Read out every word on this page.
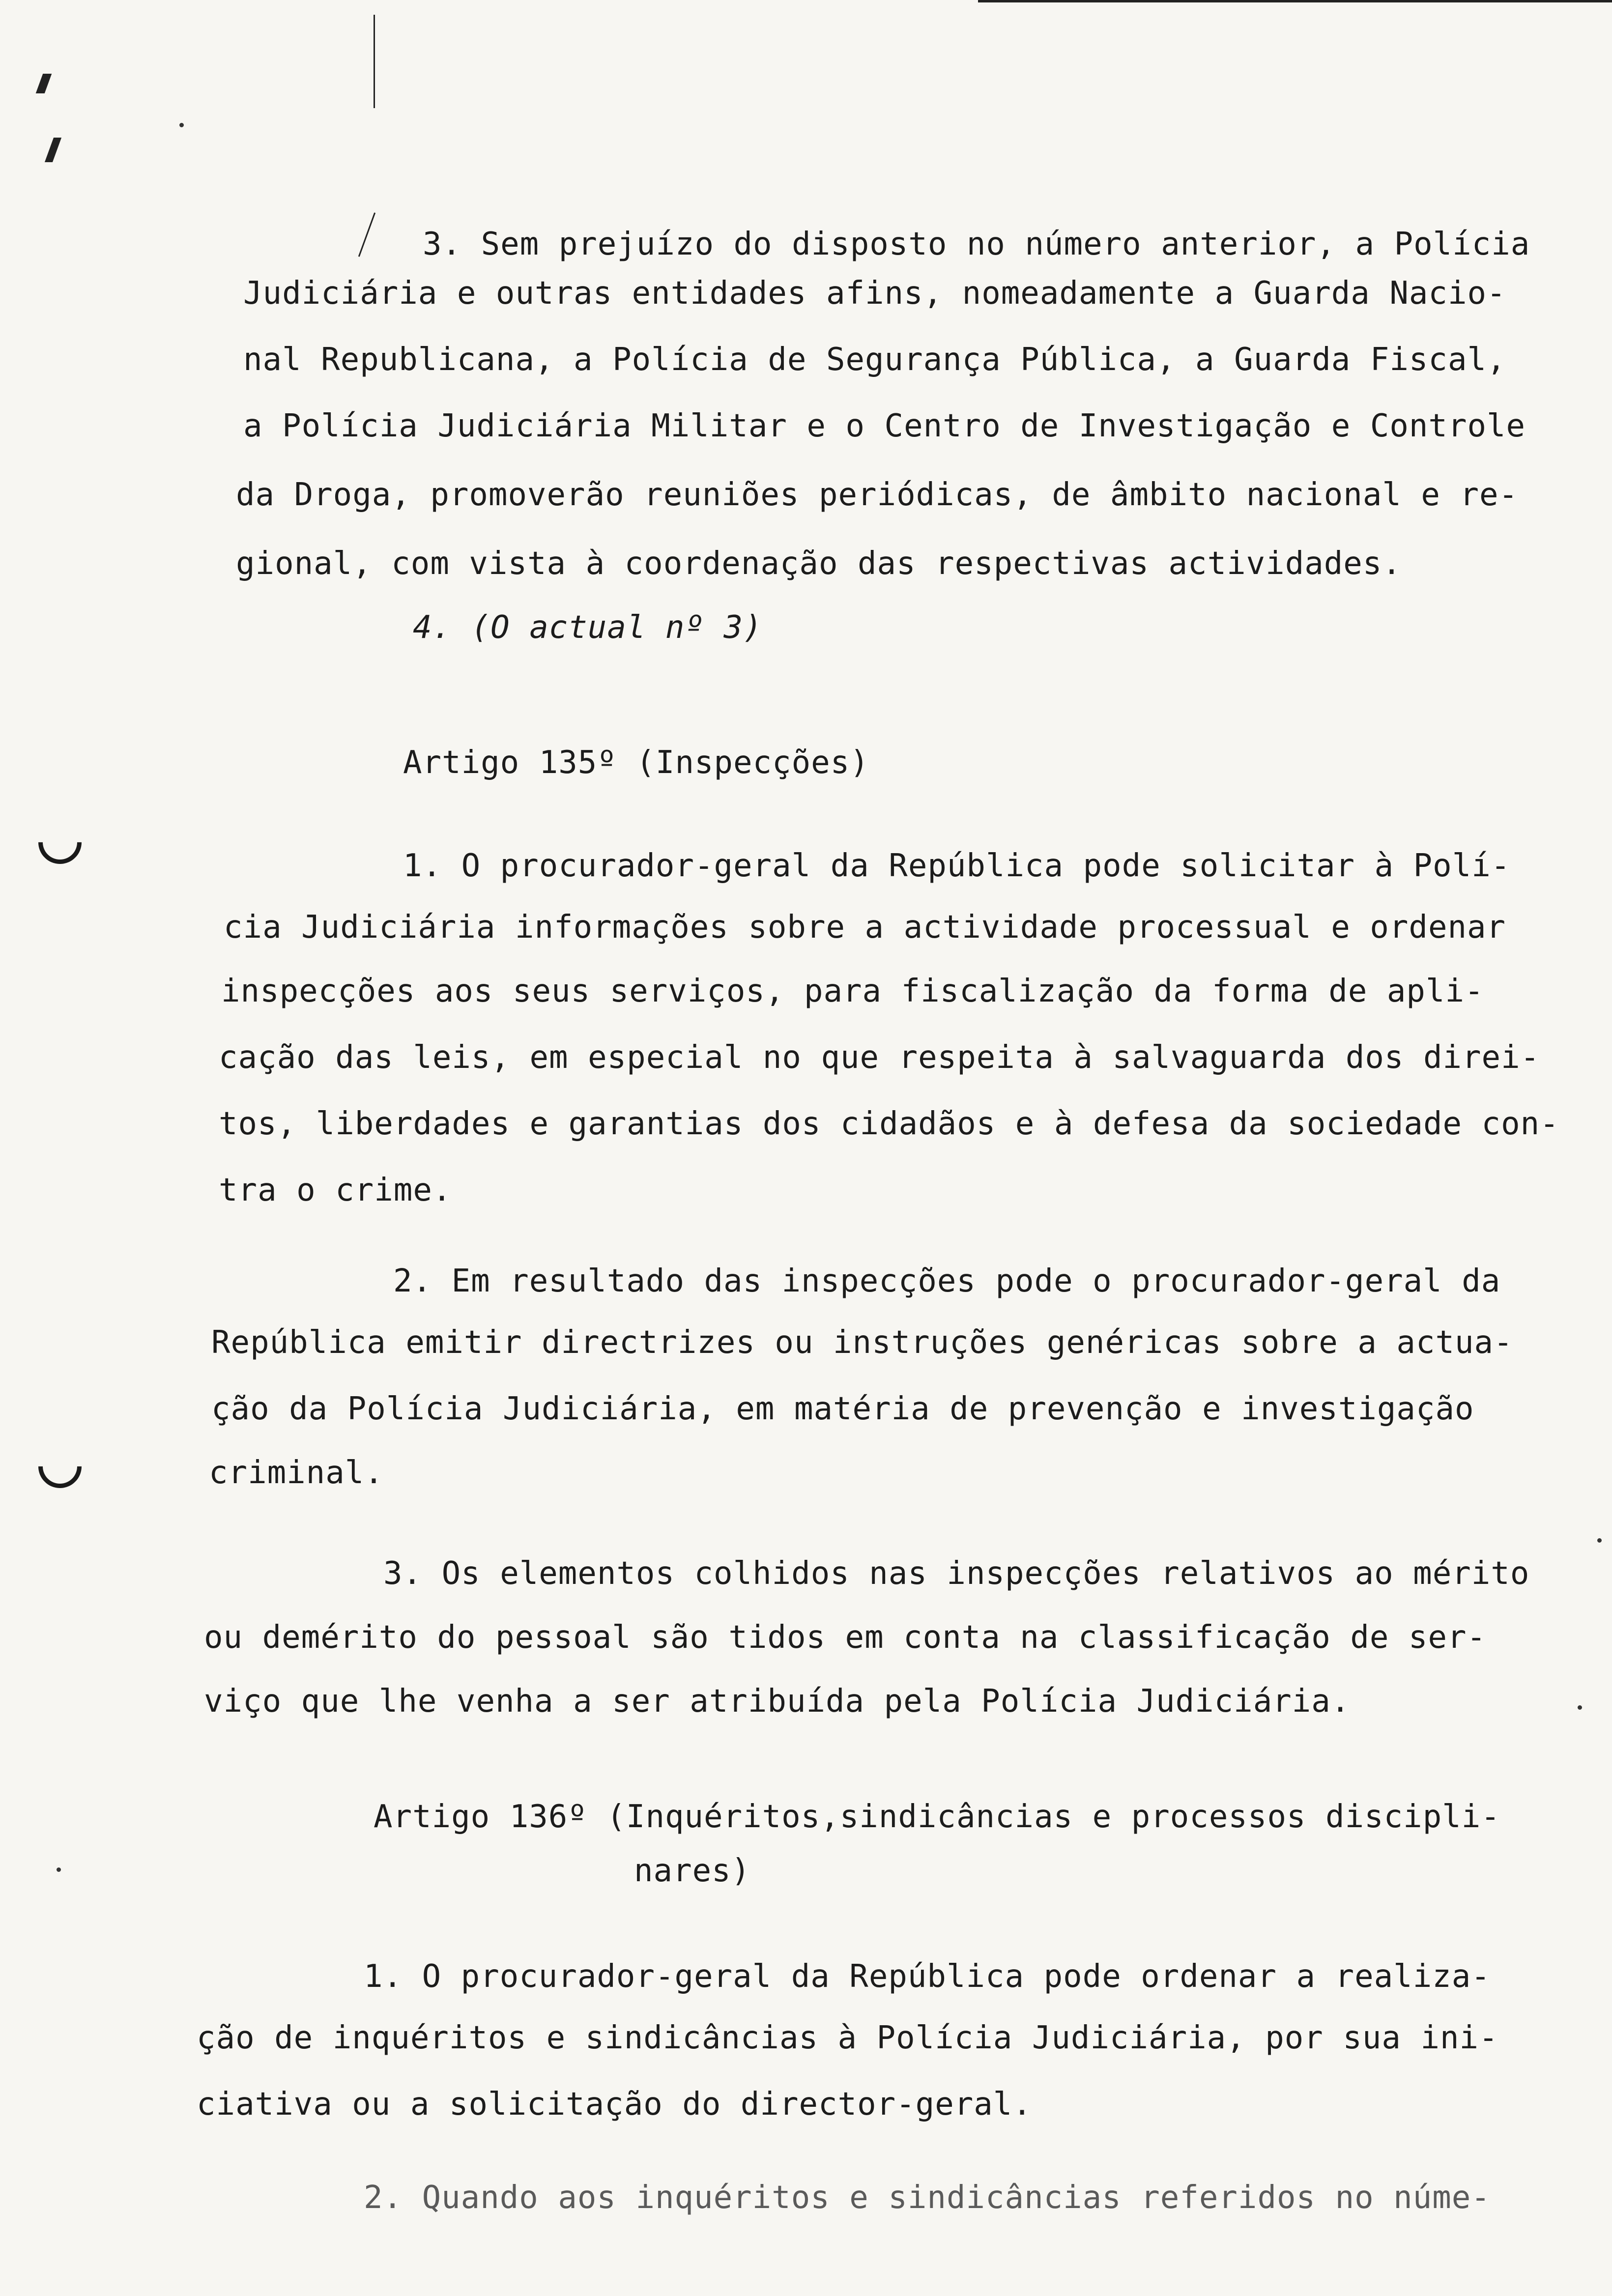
3. Sem prejuízo do disposto no número anterior, a Polícia
Judiciária e outras entidades afins, nomeadamente a Guarda Nacio-
nal Republicana, a Polícia de Segurança Pública, a Guarda Fiscal,
a Polícia Judiciária Militar e o Centro de Investigação e Controle
da Droga, promoverão reuniões periódicas, de âmbito nacional e re-
gional, com vista à coordenação das respectivas actividades.
4. (O actual nº 3)
Artigo 135º (Inspecções)
1. O procurador-geral da República pode solicitar à Polí-
cia Judiciária informações sobre a actividade processual e ordenar
inspecções aos seus serviços, para fiscalização da forma de apli-
cação das leis, em especial no que respeita à salvaguarda dos direi-
tos, liberdades e garantias dos cidadãos e à defesa da sociedade con-
tra o crime.
2. Em resultado das inspecções pode o procurador-geral da
República emitir directrizes ou instruções genéricas sobre a actua-
ção da Polícia Judiciária, em matéria de prevenção e investigação
criminal.
3. Os elementos colhidos nas inspecções relativos ao mérito
ou demérito do pessoal são tidos em conta na classificação de ser-
viço que lhe venha a ser atribuída pela Polícia Judiciária.
Artigo 136º (Inquéritos,sindicâncias e processos discipli-
nares)
1. O procurador-geral da República pode ordenar a realiza-
ção de inquéritos e sindicâncias à Polícia Judiciária, por sua ini-
ciativa ou a solicitação do director-geral.
2. Quando aos inquéritos e sindicâncias referidos no núme-
